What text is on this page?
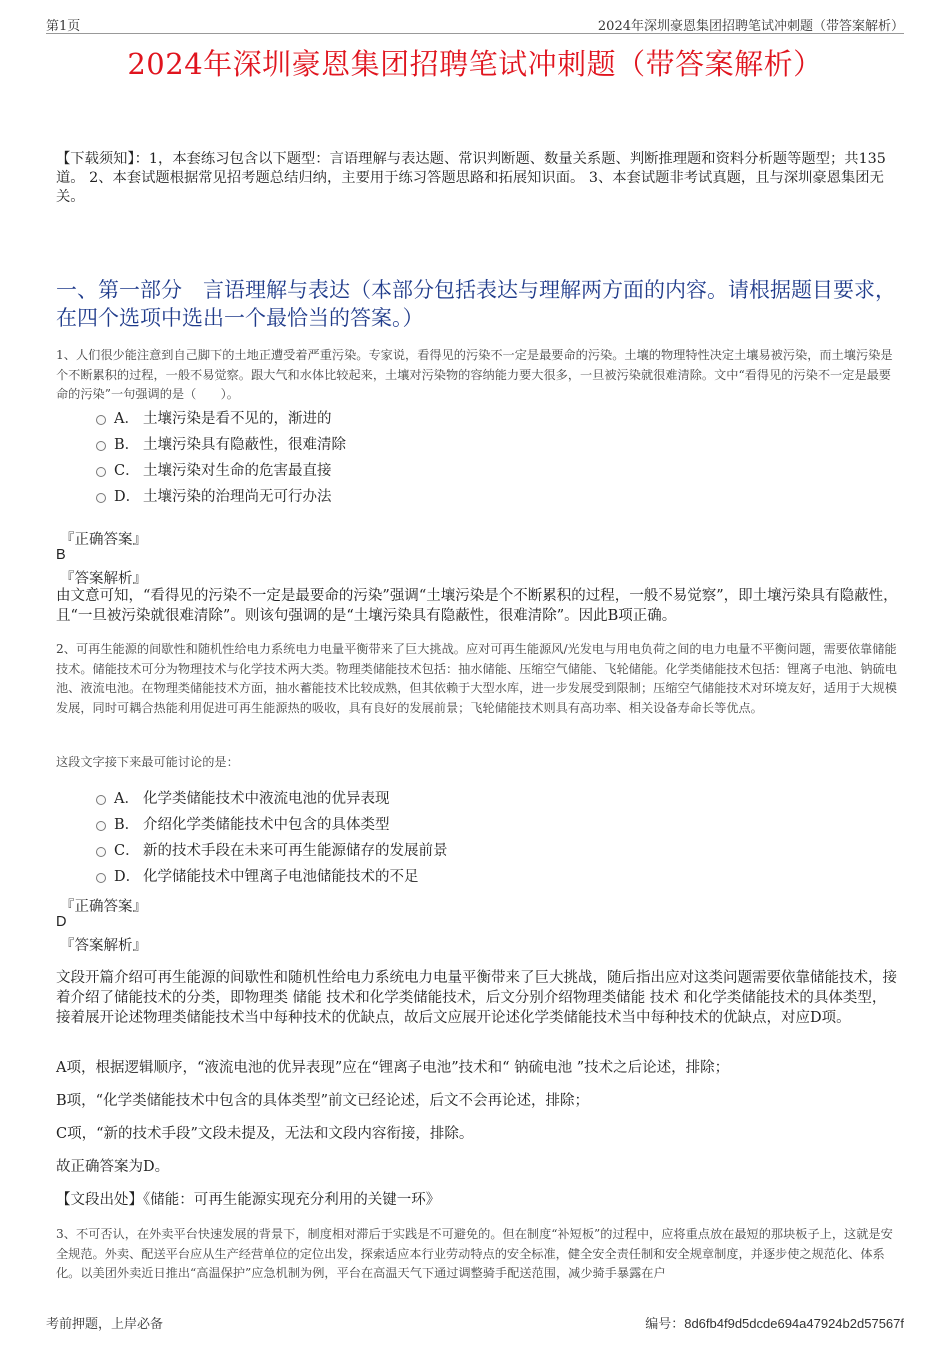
第1页	2024年深圳豪恩集团招聘笔试冲刺题（带答案解析）
2024年深圳豪恩集团招聘笔试冲刺题（带答案解析）
【下载须知】：1，本套练习包含以下题型：言语理解与表达题、常识判断题、数量关系题、判断推理题和资料分析题等题型；共135道。 2、本套试题根据常见招考题总结归纳，主要用于练习答题思路和拓展知识面。 3、本套试题非考试真题，且与深圳豪恩集团无关。
一、第一部分　言语理解与表达（本部分包括表达与理解两方面的内容。请根据题目要求，在四个选项中选出一个最恰当的答案。）
1、人们很少能注意到自己脚下的土地正遭受着严重污染。专家说，看得见的污染不一定是最要命的污染。土壤的物理特性决定土壤易被污染，而土壤污染是个不断累积的过程，一般不易觉察。跟大气和水体比较起来，土壤对污染物的容纳能力要大很多，一旦被污染就很难清除。文中“看得见的污染不一定是最要命的污染”一句强调的是（　　）。
A． 土壤污染是看不见的，渐进的
B． 土壤污染具有隐蔽性，很难清除
C． 土壤污染对生命的危害最直接
D． 土壤污染的治理尚无可行办法
『正确答案』
B
『答案解析』
由文意可知，“看得见的污染不一定是最要命的污染”强调“土壤污染是个不断累积的过程，一般不易觉察”，即土壤污染具有隐蔽性，且“一旦被污染就很难清除”。则该句强调的是“土壤污染具有隐蔽性，很难清除”。因此B项正确。
2、可再生能源的间歇性和随机性给电力系统电力电量平衡带来了巨大挑战。应对可再生能源风/光发电与用电负荷之间的电力电量不平衡问题，需要依靠储能技术。储能技术可分为物理技术与化学技术两大类。物理类储能技术包括：抽水储能、压缩空气储能、飞轮储能。化学类储能技术包括：锂离子电池、钠硫电池、液流电池。在物理类储能技术方面，抽水蓄能技术比较成熟，但其依赖于大型水库，进一步发展受到限制；压缩空气储能技术对环境友好，适用于大规模发展，同时可耦合热能利用促进可再生能源热的吸收，具有良好的发展前景；飞轮储能技术则具有高功率、相关设备寿命长等优点。
这段文字接下来最可能讨论的是：
A． 化学类储能技术中液流电池的优异表现
B． 介绍化学类储能技术中包含的具体类型
C． 新的技术手段在未来可再生能源储存的发展前景
D． 化学储能技术中锂离子电池储能技术的不足
『正确答案』
D
『答案解析』
文段开篇介绍可再生能源的间歇性和随机性给电力系统电力电量平衡带来了巨大挑战，随后指出应对这类问题需要依靠储能技术，接着介绍了储能技术的分类，即物理类 储能 技术和化学类储能技术，后文分别介绍物理类储能 技术 和化学类储能技术的具体类型，接着展开论述物理类储能技术当中每种技术的优缺点，故后文应展开论述化学类储能技术当中每种技术的优缺点，对应D项。
A项，根据逻辑顺序，“液流电池的优异表现”应在“锂离子电池”技术和“ 钠硫电池 ”技术之后论述，排除；
B项，“化学类储能技术中包含的具体类型”前文已经论述，后文不会再论述，排除；
C项，“新的技术手段”文段未提及，无法和文段内容衔接，排除。
故正确答案为D。
【文段出处】《储能：可再生能源实现充分利用的关键一环》
3、不可否认，在外卖平台快速发展的背景下，制度相对滞后于实践是不可避免的。但在制度“补短板”的过程中，应将重点放在最短的那块板子上，这就是安全规范。外卖、配送平台应从生产经营单位的定位出发，探索适应本行业劳动特点的安全标准，健全安全责任制和安全规章制度，并逐步使之规范化、体系化。以美团外卖近日推出“高温保护”应急机制为例，平台在高温天气下通过调整骑手配送范围，减少骑手暴露在户
考前押题，上岸必备	编号：8d6fb4f9d5dcde694a47924b2d57567f
